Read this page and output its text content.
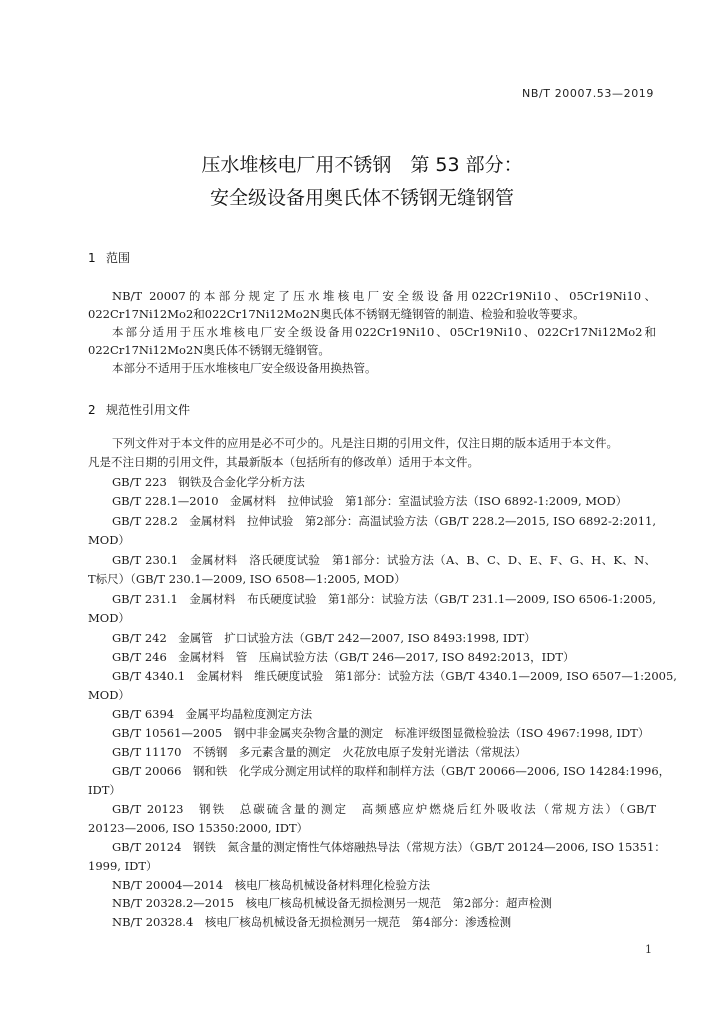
NB/T 20007.53—2019
压水堆核电厂用不锈钢　第 53 部分：
安全级设备用奥氏体不锈钢无缝钢管
1 范围
NB/T 20007的本部分规定了压水堆核电厂安全级设备用022Cr19Ni10、05Cr19Ni10、
022Cr17Ni12Mo2和022Cr17Ni12Mo2N奥氏体不锈钢无缝钢管的制造、检验和验收等要求。
本部分适用于压水堆核电厂安全级设备用022Cr19Ni10、05Cr19Ni10、022Cr17Ni12Mo2和
022Cr17Ni12Mo2N奥氏体不锈钢无缝钢管。
本部分不适用于压水堆核电厂安全级设备用换热管。
2 规范性引用文件
下列文件对于本文件的应用是必不可少的。凡是注日期的引用文件，仅注日期的版本适用于本文件。
凡是不注日期的引用文件，其最新版本（包括所有的修改单）适用于本文件。
GB/T 223　钢铁及合金化学分析方法
GB/T 228.1—2010　金属材料　拉伸试验　第1部分：室温试验方法（ISO 6892-1:2009, MOD）
GB/T 228.2　金属材料　拉伸试验　第2部分：高温试验方法（GB/T 228.2—2015, ISO 6892-2:2011,
MOD）
GB/T 230.1　金属材料　洛氏硬度试验　第1部分：试验方法（A、B、C、D、E、F、G、H、K、N、
T标尺）（GB/T 230.1—2009, ISO 6508—1:2005, MOD）
GB/T 231.1　金属材料　布氏硬度试验　第1部分：试验方法（GB/T 231.1—2009, ISO 6506-1:2005,
MOD）
GB/T 242　金属管　扩口试验方法（GB/T 242—2007, ISO 8493:1998, IDT）
GB/T 246　金属材料　管　压扁试验方法（GB/T 246—2017, ISO 8492:2013，IDT）
GB/T 4340.1　金属材料　维氏硬度试验　第1部分：试验方法（GB/T 4340.1—2009, ISO 6507—1:2005,
MOD）
GB/T 6394　金属平均晶粒度测定方法
GB/T 10561—2005　钢中非金属夹杂物含量的测定　标准评级图显微检验法（ISO 4967:1998, IDT）
GB/T 11170　不锈钢　多元素含量的测定　火花放电原子发射光谱法（常规法）
GB/T 20066　钢和铁　化学成分测定用试样的取样和制样方法（GB/T 20066—2006, ISO 14284:1996，
IDT）
GB/T 20123　钢铁　总碳硫含量的测定　高频感应炉燃烧后红外吸收法（常规方法）（GB/T
20123—2006, ISO 15350:2000, IDT）
GB/T 20124　钢铁　氮含量的测定惰性气体熔融热导法（常规方法）（GB/T 20124—2006, ISO 15351：
1999, IDT）
NB/T 20004—2014　核电厂核岛机械设备材料理化检验方法
NB/T 20328.2—2015　核电厂核岛机械设备无损检测另一规范　第2部分：超声检测
NB/T 20328.4　核电厂核岛机械设备无损检测另一规范　第4部分：渗透检测
1
